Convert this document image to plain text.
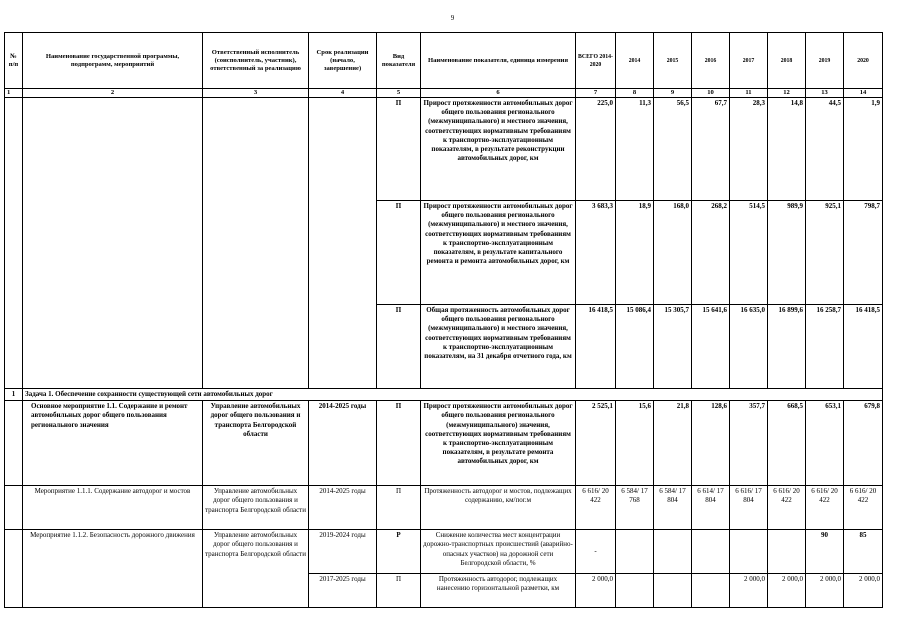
9
№ п/п	Наименование государственной программы, подпрограмм, мероприятий	Ответственный исполнитель (соисполнитель, участник), ответственный за реализацию	Срок реализации (начало, завершение)	Вид показателя	Наименование показателя, единица измерения	ВСЕГО 2014-2020	2014	2015	2016	2017	2018	2019	2020
1	2	3	4	5	6	7	8	9	10	11	12	13	14
				П	Прирост протяженности автомобильных дорог общего пользования регионального (межмуниципального) и местного значения, соответствующих нормативным требованиям к транспортно-эксплуатационным показателям, в результате реконструкции автомобильных дорог, км	225,0	11,3	56,5	67,7	28,3	14,8	44,5	1,9
				П	Прирост протяженности автомобильных дорог общего пользования регионального (межмуниципального) и местного значения, соответствующих нормативным требованиям к транспортно-эксплуатационным показателям, в результате капитального ремонта и ремонта автомобильных дорог, км	3 683,3	18,9	168,0	268,2	514,5	989,9	925,1	798,7
				П	Общая протяженность автомобильных дорог общего пользования регионального (межмуниципального) и местного значения, соответствующих нормативным требованиям к транспортно-эксплуатационным показателям, на 31 декабря отчетного года, км	16 418,5	15 086,4	15 305,7	15 641,6	16 635,0	16 899,6	16 258,7	16 418,5
1	Задача 1. Обеспечение сохранности существующей сети автомобильных дорог												
	Основное мероприятие 1.1. Содержание и ремонт автомобильных дорог общего пользования регионального значения	Управление автомобильных дорог общего пользования и транспорта Белгородской области	2014-2025 годы	П	Прирост протяженности автомобильных дорог общего пользования регионального (межмуниципального) значения, соответствующих нормативным требованиям к транспортно-эксплуатационным показателям, в результате ремонта автомобильных дорог, км	2 525,1	15,6	21,8	128,6	357,7	668,5	653,1	679,8
	Мероприятие 1.1.1. Содержание автодорог и мостов	Управление автомобильных дорог общего пользования и транспорта Белгородской области	2014-2025 годы	П	Протяженность автодорог и мостов, подлежащих содержанию, км/пог.м	6 616/ 20 422	6 584/ 17 768	6 584/ 17 804	6 614/ 17 804	6 616/ 17 804	6 616/ 20 422	6 616/ 20 422	6 616/ 20 422
	Мероприятие 1.1.2. Безопасность дорожного движения	Управление автомобильных дорог общего пользования и транспорта Белгородской области	2019-2024 годы	Р	Снижение количества мест концентрации дорожно-транспортных происшествий (аварийно-опасных участков) на дорожной сети Белгородской области, %	-						90	85
			2017-2025 годы	П	Протяженность автодорог, подлежащих нанесению горизонтальной разметки, км	2 000,0				2 000,0	2 000,0	2 000,0	2 000,0
